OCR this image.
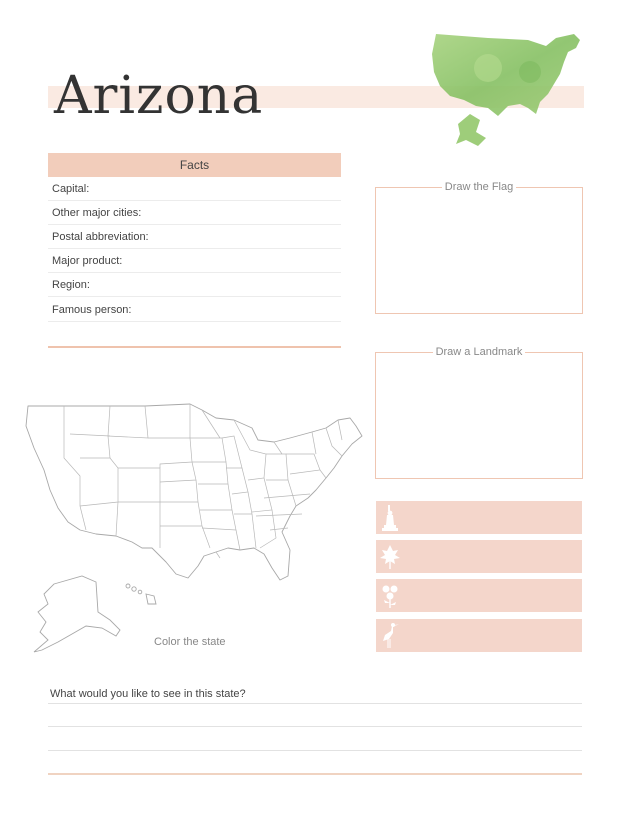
Arizona
Facts
Capital:
Other major cities:
Postal abbreviation:
Major product:
Region:
Famous person:
Draw the Flag
Draw a Landmark
Color the state
What would you like to see in this state?
